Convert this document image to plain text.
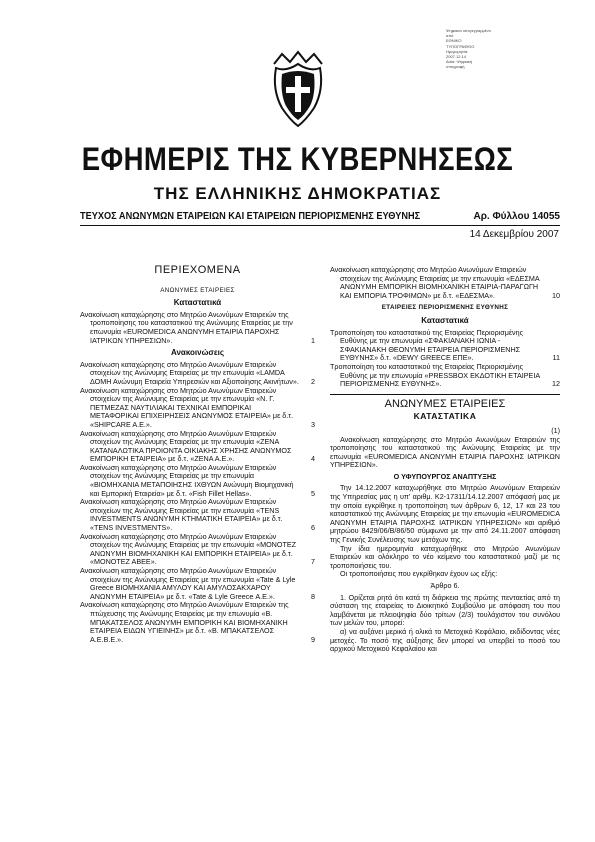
Ψηφιακά υπογεγραμμένο
από
ΕΘΝΙΚΟ
ΤΥΠΟΓΡΑΦΕΙΟ
Ημερομηνία:
2007.12.14
Αιτία: Ψηφιακή
υπογραφή
ΕΦΗΜΕΡΙΣ ΤΗΣ ΚΥΒΕΡΝΗΣΕΩΣ
ΤΗΣ ΕΛΛΗΝΙΚΗΣ ΔΗΜΟΚΡΑΤΙΑΣ
ΤΕΥΧΟΣ ΑΝΩΝΥΜΩΝ ΕΤΑΙΡΕΙΩΝ ΚΑΙ ΕΤΑΙΡΕΙΩΝ ΠΕΡΙΟΡΙΣΜΕΝΗΣ ΕΥΘΥΝΗΣ	Αρ. Φύλλου 14055
14 Δεκεμβρίου 2007
ΠΕΡΙΕΧΟΜΕΝΑ
ΑΝΩΝΥΜΕΣ ΕΤΑΙΡΕΙΕΣ
Καταστατικά
Ανακοίνωση καταχώρησης στο Μητρώο Ανωνύμων Εταιρειών της τροποποίησης του καταστατικού της Ανώνυμης Εταιρείας με την επωνυμία «EUROMEDICA ΑΝΩΝΥΜΗ ΕΤΑΙΡΙΑ ΠΑΡΟΧΗΣ ΙΑΤΡΙΚΩΝ ΥΠΗΡΕΣΙΩΝ».	1
Ανακοινώσεις
Ανακοίνωση καταχώρησης στο Μητρώο Ανωνύμων Εταιρειών στοιχείων της Ανώνυμης Εταιρείας με την επωνυμία «LAMDA ΔΟΜΗ Ανώνυμη Εταιρεία Υπηρεσιών και Αξιοποίησης Ακινήτων». 2
Ανακοίνωση καταχώρησης στο Μητρώο Ανωνύμων Εταιρειών στοιχείων της Ανώνυμης Εταιρείας με την επωνυμία «Ν. Γ. ΠΕΤΜΕΖΑΣ ΝΑΥΤΙΛΙΑΚΑΙ ΤΕΧΝΙΚΑΙ ΕΜΠΟΡΙΚΑΙ ΜΕΤΑΦΟΡΙΚΑΙ ΕΠΙΧΕΙΡΗΣΕΙΣ ΑΝΩΝΥΜΟΣ ΕΤΑΙΡΕΙΑ» με δ.τ. «SHIPCARE A.E.».	3
Ανακοίνωση καταχώρησης στο Μητρώο Ανωνύμων Εταιρειών στοιχείων της Ανώνυμης Εταιρείας με την επωνυμία «ΖΕΝΑ ΚΑΤΑΝΑΛΩΤΙΚΑ ΠΡΟΙΟΝΤΑ ΟΙΚΙΑΚΗΣ ΧΡΗΣΗΣ ΑΝΩΝΥΜΟΣ ΕΜΠΟΡΙΚΗ ΕΤΑΙΡΕΙΑ» με δ.τ. «ΖΕΝΑ Α.Ε.».	4
Ανακοίνωση καταχώρησης στο Μητρώο Ανωνύμων Εταιρειών στοιχείων της Ανώνυμης Εταιρείας με την επωνυμία «ΒΙΟΜΗΧΑΝΙΑ ΜΕΤΑΠΟΙΗΣΗΣ ΙΧΘΥΩΝ Ανώνυμη Βιομηχανική και Εμπορική Εταιρεία» με δ.τ. «Fish Fillet Hellas».	5
Ανακοίνωση καταχώρησης στο Μητρώο Ανωνύμων Εταιρειών στοιχείων της Ανώνυμης Εταιρείας με την επωνυμία «TENS INVESTMENTS ΑΝΩΝΥΜΗ ΚΤΗΜΑΤΙΚΗ ΕΤΑΙΡΕΙΑ» με δ.τ. «TENS INVESTMENTS».	6
Ανακοίνωση καταχώρησης στο Μητρώο Ανωνύμων Εταιρειών στοιχείων της Ανώνυμης Εταιρείας με την επωνυμία «ΜΟΝΟΤΕΖ ΑΝΩΝΥΜΗ ΒΙΟΜΗΧΑΝΙΚΗ ΚΑΙ ΕΜΠΟΡΙΚΗ ΕΤΑΙΡΕΙΑ» με δ.τ. «ΜΟΝΟΤΕΖ ΑΒΕΕ».	7
Ανακοίνωση καταχώρησης στο Μητρώο Ανωνύμων Εταιρειών στοιχείων της Ανώνυμης Εταιρείας με την επωνυμία «Tate & Lyle Greece ΒΙΟΜΗΧΑΝΙΑ ΑΜΥΛΟΥ ΚΑΙ ΑΜΥΛΟΣΑΚΧΑΡΟΥ ΑΝΩΝΥΜΗ ΕΤΑΙΡΕΙΑ» με δ.τ. «Tate & Lyle Greece Α.Ε.».	8
Ανακοίνωση καταχώρησης στο Μητρώο Ανωνύμων Εταιρειών της πτώχευσης της Ανώνυμης Εταιρείας με την επωνυμία «Β. ΜΠΑΚΑΤΣΕΛΟΣ ΑΝΩΝΥΜΗ ΕΜΠΟΡΙΚΗ ΚΑΙ ΒΙΟΜΗΧΑΝΙΚΗ ΕΤΑΙΡΕΙΑ ΕΙΔΩΝ ΥΓΙΕΙΝΗΣ» με δ.τ. «Β. ΜΠΑΚΑΤΣΕΛΟΣ Α.Ε.Β.Ε.».	9
Ανακοίνωση καταχώρησης στο Μητρώο Ανωνύμων Εταιρειών στοιχείων της Ανώνυμης Εταιρείας με την επωνυμία «ΕΔΕΣΜΑ ΑΝΩΝΥΜΗ ΕΜΠΟΡΙΚΗ ΒΙΟΜΗΧΑΝΙΚΗ ΕΤΑΙΡΙΑ-ΠΑΡΑΓΩΓΗ ΚΑΙ ΕΜΠΟΡΙΑ ΤΡΟΦΙΜΩΝ» με δ.τ. «ΕΔΕΣΜΑ».	10
ΕΤΑΙΡΕΙΕΣ ΠΕΡΙΟΡΙΣΜΕΝΗΣ ΕΥΘΥΝΗΣ
Καταστατικά
Τροποποίηση του καταστατικού της Εταιρείας Περιορισμένης Ευθύνης με την επωνυμία «ΣΦΑΚΙΑΝΑΚΗ ΙΩΝΙΑ - ΣΦΑΚΙΑΝΑΚΗ ΘΕΟΝΥΜΗ ΕΤΑΙΡΕΙΑ ΠΕΡΙΟΡΙΣΜΕΝΗΣ ΕΥΘΥΝΗΣ» δ.τ. «DEWY GREECE ΕΠΕ».	11
Τροποποίηση του καταστατικού της Εταιρείας Περιορισμένης Ευθύνης με την επωνυμία «PRESSBOX ΕΚΔΟΤΙΚΗ ΕΤΑΙΡΕΙΑ ΠΕΡΙΟΡΙΣΜΕΝΗΣ ΕΥΘΥΝΗΣ».	12
ΑΝΩΝΥΜΕΣ ΕΤΑΙΡΕΙΕΣ
ΚΑΤΑΣΤΑΤΙΚΑ
(1)

Ανακοίνωση καταχώρησης στο Μητρώο Ανωνύμων Εταιρειών της τροποποίησης του καταστατικού της Ανώνυμης Εταιρείας με την επωνυμία «EUROMEDICA ΑΝΩΝΥΜΗ ΕΤΑΙΡΙΑ ΠΑΡΟΧΗΣ ΙΑΤΡΙΚΩΝ ΥΠΗΡΕΣΙΩΝ».

Ο ΥΦΥΠΟΥΡΓΟΣ ΑΝΑΠΤΥΞΗΣ

Την 14.12.2007 καταχωρήθηκε στο Μητρώο Ανωνύμων Εταιρειών της Υπηρεσίας μας η υπ' αριθμ. Κ2-17311/14.12.2007 απόφασή μας με την οποία εγκρίθηκε η τροποποίηση των άρθρων 6, 12, 17 και 23 του καταστατικού της Ανώνυμης Εταιρείας με την επωνυμία «EUROMEDICA ΑΝΩΝΥΜΗ ΕΤΑΙΡΙΑ ΠΑΡΟΧΗΣ ΙΑΤΡΙΚΩΝ ΥΠΗΡΕΣΙΩΝ» και αριθμό μητρώου 8429/06/Β/86/50 σύμφωνα με την από 24.11.2007 απόφαση της Γενικής Συνέλευσης των μετόχων της.

Την ίδια ημερομηνία καταχωρήθηκε στο Μητρώο Ανωνύμων Εταιρειών και ολόκληρο το νέο κείμενο του καταστατικού μαζί με τις τροποποιήσεις του.

Οι τροποποιήσεις που εγκρίθηκαν έχουν ως εξής:

Άρθρο 6.

1. Ορίζεται ρητά ότι κατά τη διάρκεια της πρώτης πενταετίας από τη σύσταση της εταιρείας το Διοικητικό Συμβούλιο με απόφαση του που λαμβάνεται με πλειοψηφία δύο τρίτων (2/3) τουλάχιστον του συνόλου των μελών του, μπορεί:

α) να αυξάνει μερικά ή ολικά το Μετοχικό Κεφάλαιο, εκδίδοντας νέες μετοχές. Το ποσό της αύξησης δεν μπορεί να υπερβεί το ποσό του αρχικού Μετοχικού Κεφαλαίου και
